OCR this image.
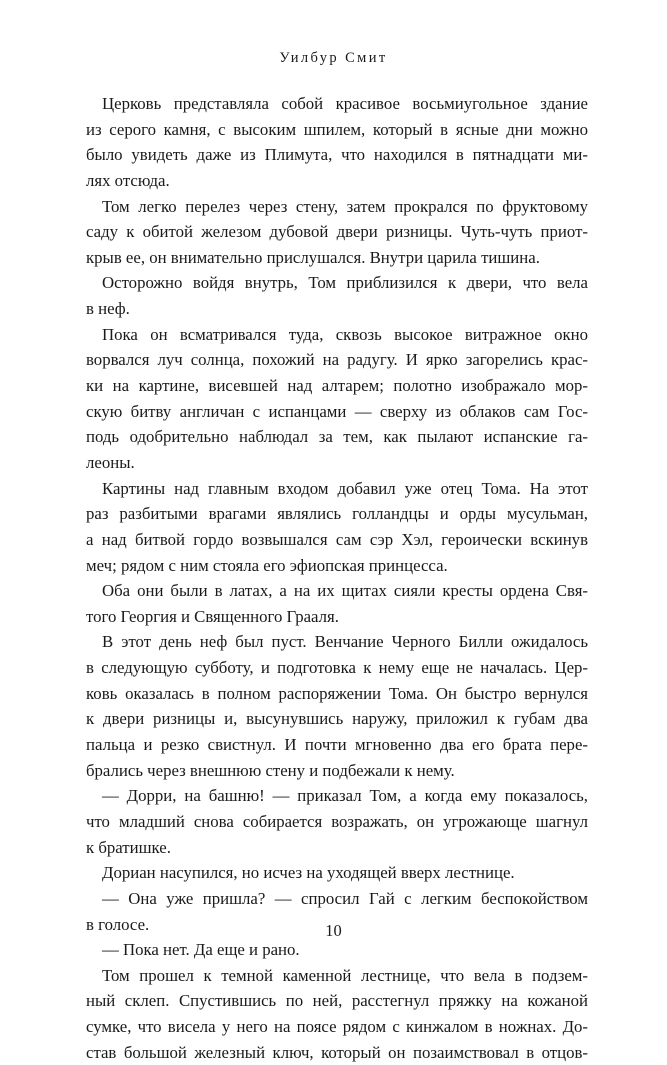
Уилбур Смит
Церковь представляла собой красивое восьмиугольное здание
из серого камня, с высоким шпилем, который в ясные дни можно
было увидеть даже из Плимута, что находился в пятнадцати ми-
лях отсюда.
Том легко перелез через стену, затем прокрался по фруктовому
саду к обитой железом дубовой двери ризницы. Чуть-чуть приот-
крыв ее, он внимательно прислушался. Внутри царила тишина.
Осторожно войдя внутрь, Том приблизился к двери, что вела
в неф.
Пока он всматривался туда, сквозь высокое витражное окно
ворвался луч солнца, похожий на радугу. И ярко загорелись крас-
ки на картине, висевшей над алтарем; полотно изображало мор-
скую битву англичан с испанцами — сверху из облаков сам Гос-
подь одобрительно наблюдал за тем, как пылают испанские га-
леоны.
Картины над главным входом добавил уже отец Тома. На этот
раз разбитыми врагами являлись голландцы и орды мусульман,
а над битвой гордо возвышался сам сэр Хэл, героически вскинув
меч; рядом с ним стояла его эфиопская принцесса.
Оба они были в латах, а на их щитах сияли кресты ордена Свя-
того Георгия и Священного Грааля.
В этот день неф был пуст. Венчание Черного Билли ожидалось
в следующую субботу, и подготовка к нему еще не началась. Цер-
ковь оказалась в полном распоряжении Тома. Он быстро вернулся
к двери ризницы и, высунувшись наружу, приложил к губам два
пальца и резко свистнул. И почти мгновенно два его брата пере-
брались через внешнюю стену и подбежали к нему.
— Дорри, на башню! — приказал Том, а когда ему показалось,
что младший снова собирается возражать, он угрожающе шагнул
к братишке.
Дориан насупился, но исчез на уходящей вверх лестнице.
— Она уже пришла? — спросил Гай с легким беспокойством
в голосе.
— Пока нет. Да еще и рано.
Том прошел к темной каменной лестнице, что вела в подзем-
ный склеп. Спустившись по ней, расстегнул пряжку на кожаной
сумке, что висела у него на поясе рядом с кинжалом в ножнах. До-
став большой железный ключ, который он позаимствовал в отцов-
10
